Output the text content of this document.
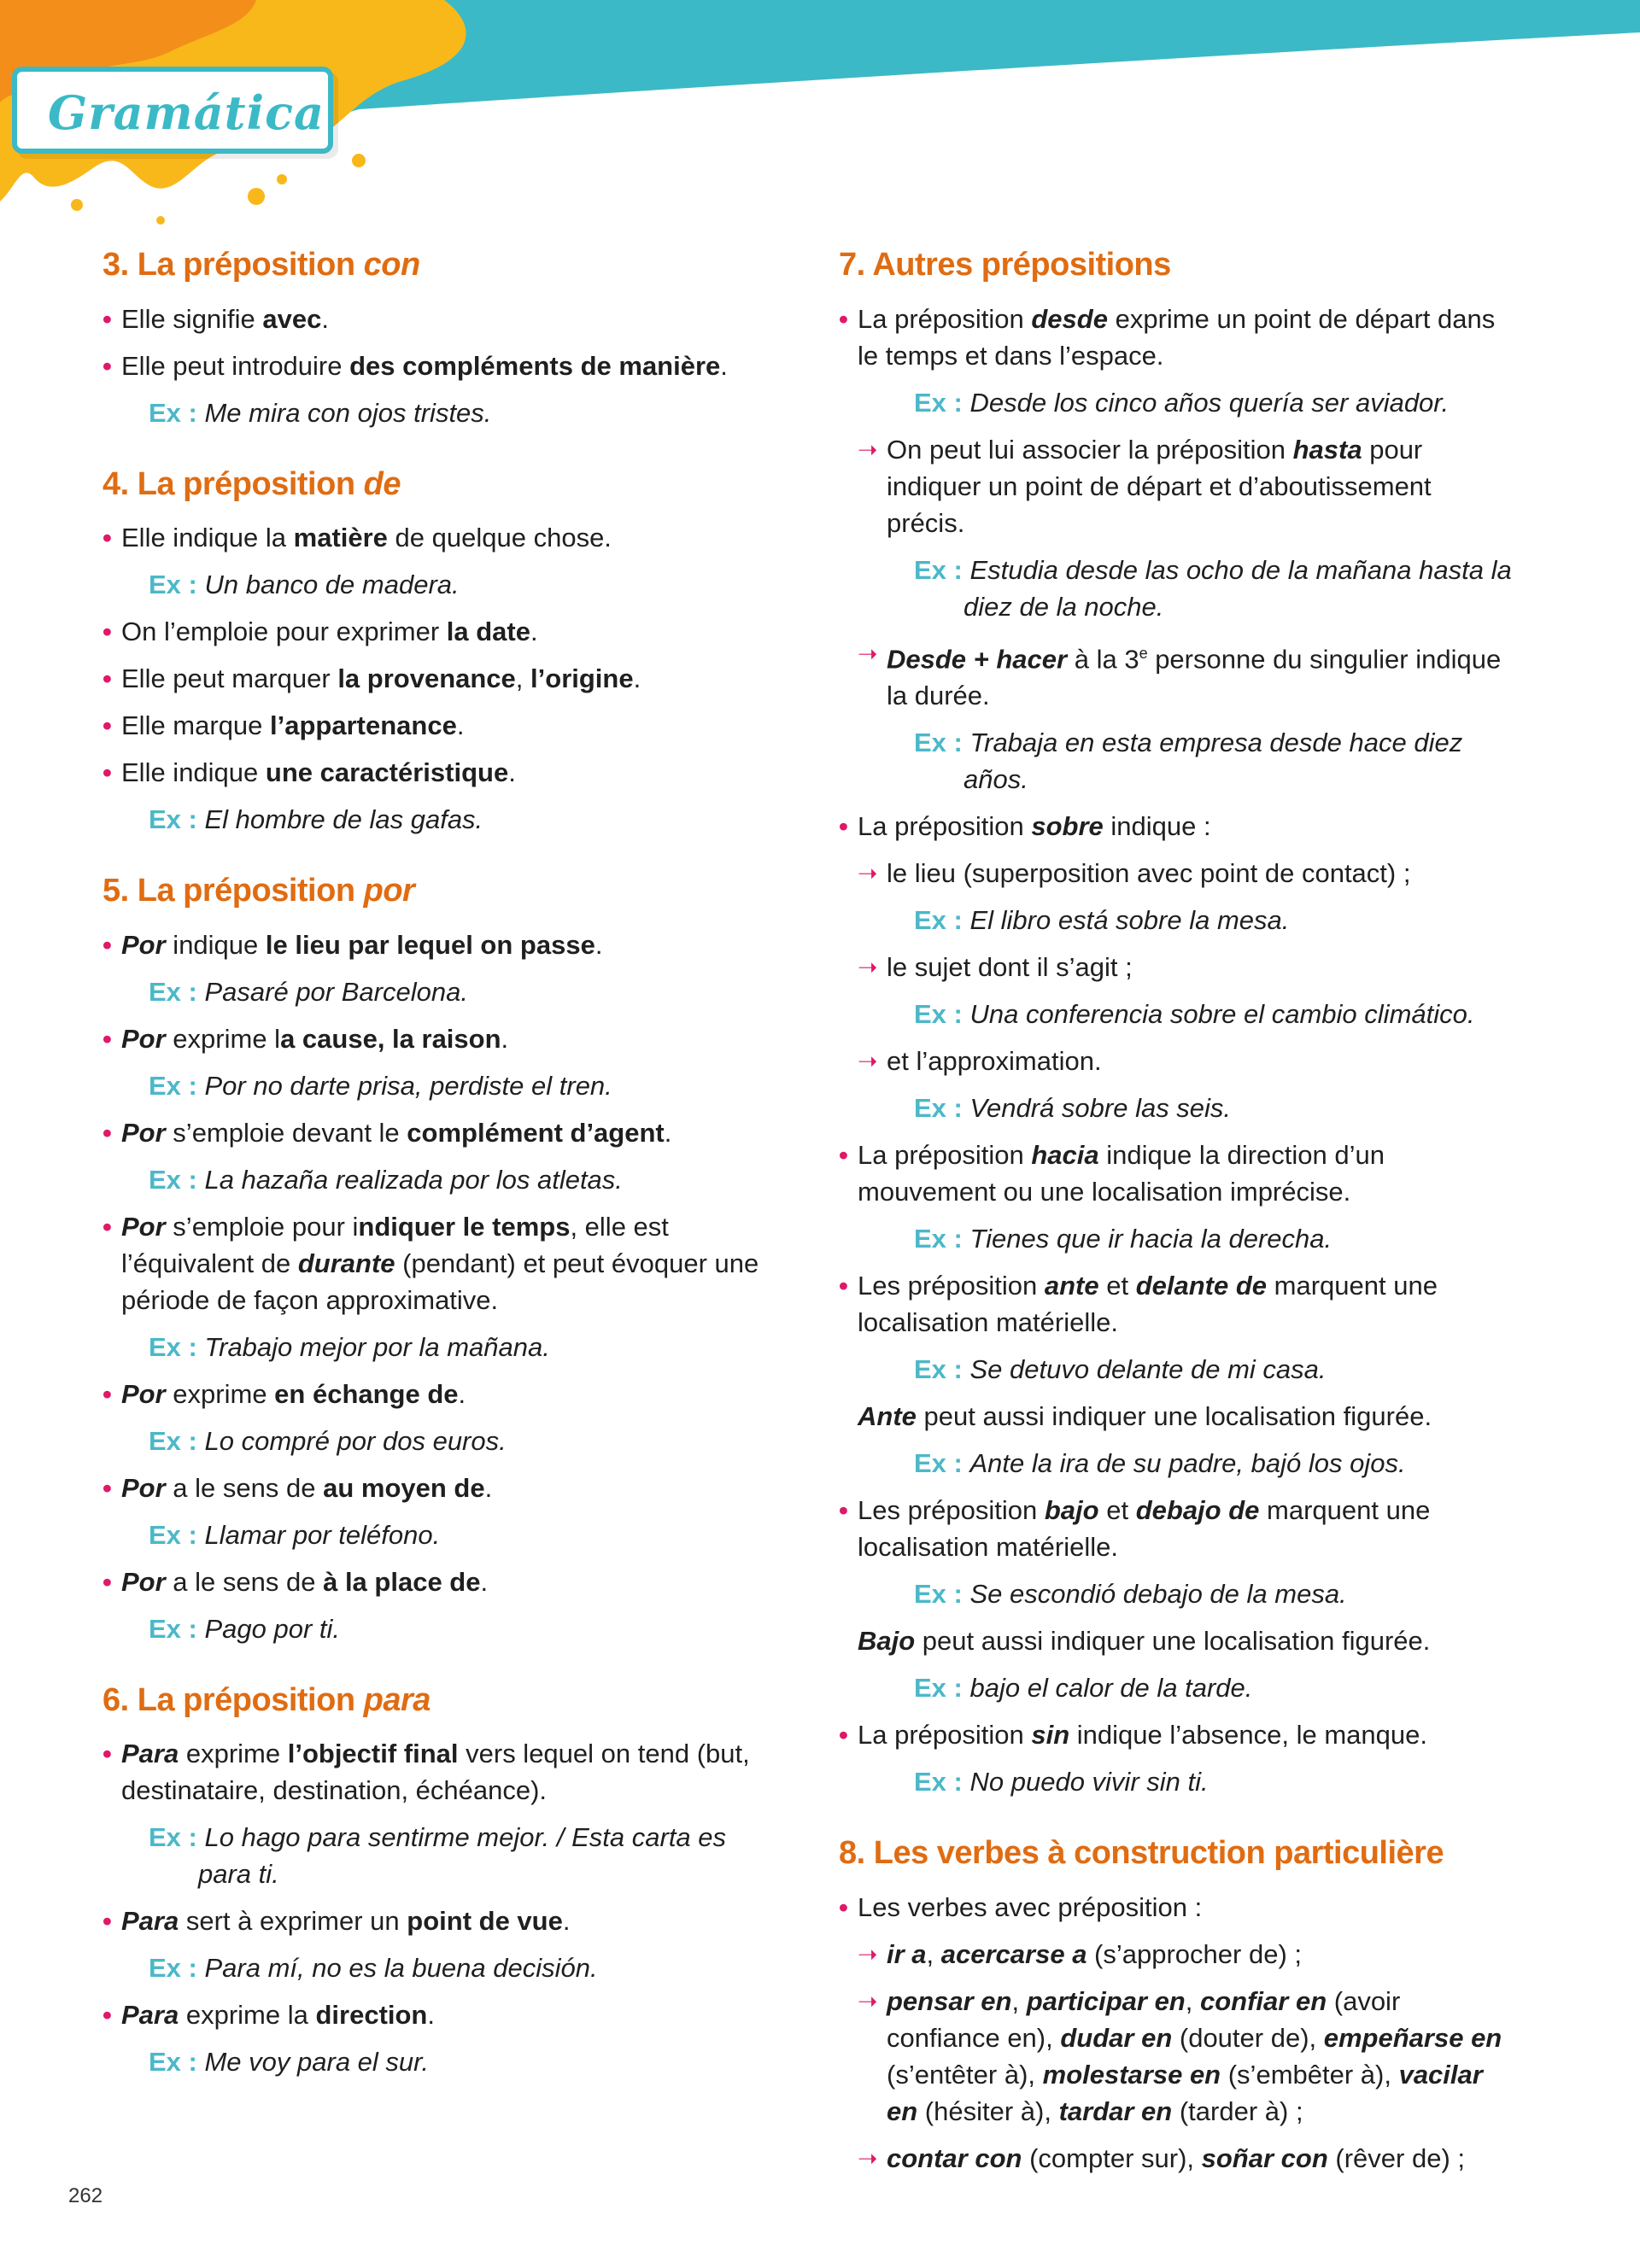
Gramática
3. La préposition con
• Elle signifie avec.
• Elle peut introduire des compléments de manière.
Ex : Me mira con ojos tristes.
4. La préposition de
• Elle indique la matière de quelque chose.
Ex : Un banco de madera.
• On l’emploie pour exprimer la date.
• Elle peut marquer la provenance, l’origine.
• Elle marque l’appartenance.
• Elle indique une caractéristique.
Ex : El hombre de las gafas.
5. La préposition por
• Por indique le lieu par lequel on passe.
Ex : Pasaré por Barcelona.
• Por exprime la cause, la raison.
Ex : Por no darte prisa, perdiste el tren.
• Por s’emploie devant le complément d’agent.
Ex : La hazaña realizada por los atletas.
• Por s’emploie pour indiquer le temps, elle est l’équivalent de durante (pendant) et peut évoquer une période de façon approximative.
Ex : Trabajo mejor por la mañana.
• Por exprime en échange de.
Ex : Lo compré por dos euros.
• Por a le sens de au moyen de.
Ex : Llamar por teléfono.
• Por a le sens de à la place de.
Ex : Pago por ti.
6. La préposition para
• Para exprime l’objectif final vers lequel on tend (but, destinataire, destination, échéance).
Ex : Lo hago para sentirme mejor. / Esta carta es para ti.
• Para sert à exprimer un point de vue.
Ex : Para mí, no es la buena decisión.
• Para exprime la direction.
Ex : Me voy para el sur.
7. Autres prépositions
• La préposition desde exprime un point de départ dans le temps et dans l’espace.
Ex : Desde los cinco años quería ser aviador.
➝ On peut lui associer la préposition hasta pour indiquer un point de départ et d’aboutissement précis.
Ex : Estudia desde las ocho de la mañana hasta la diez de la noche.
➝ Desde + hacer à la 3e personne du singulier indique la durée.
Ex : Trabaja en esta empresa desde hace diez años.
• La préposition sobre indique :
➝ le lieu (superposition avec point de contact) ;
Ex : El libro está sobre la mesa.
➝ le sujet dont il s’agit ;
Ex : Una conferencia sobre el cambio climático.
➝ et l’approximation.
Ex : Vendrá sobre las seis.
• La préposition hacia indique la direction d’un mouvement ou une localisation imprécise.
Ex : Tienes que ir hacia la derecha.
• Les préposition ante et delante de marquent une localisation matérielle.
Ex : Se detuvo delante de mi casa.
Ante peut aussi indiquer une localisation figurée.
Ex : Ante la ira de su padre, bajó los ojos.
• Les préposition bajo et debajo de marquent une localisation matérielle.
Ex : Se escondió debajo de la mesa.
Bajo peut aussi indiquer une localisation figurée.
Ex : bajo el calor de la tarde.
• La préposition sin indique l’absence, le manque.
Ex : No puedo vivir sin ti.
8. Les verbes à construction particulière
• Les verbes avec préposition :
➝ ir a, acercarse a (s’approcher de) ;
➝ pensar en, participar en, confiar en (avoir confiance en), dudar en (douter de), empeñarse en (s’entêter à), molestarse en (s’embêter à), vacilar en (hésiter à), tardar en (tarder à) ;
➝ contar con (compter sur), soñar con (rêver de) ;
262
